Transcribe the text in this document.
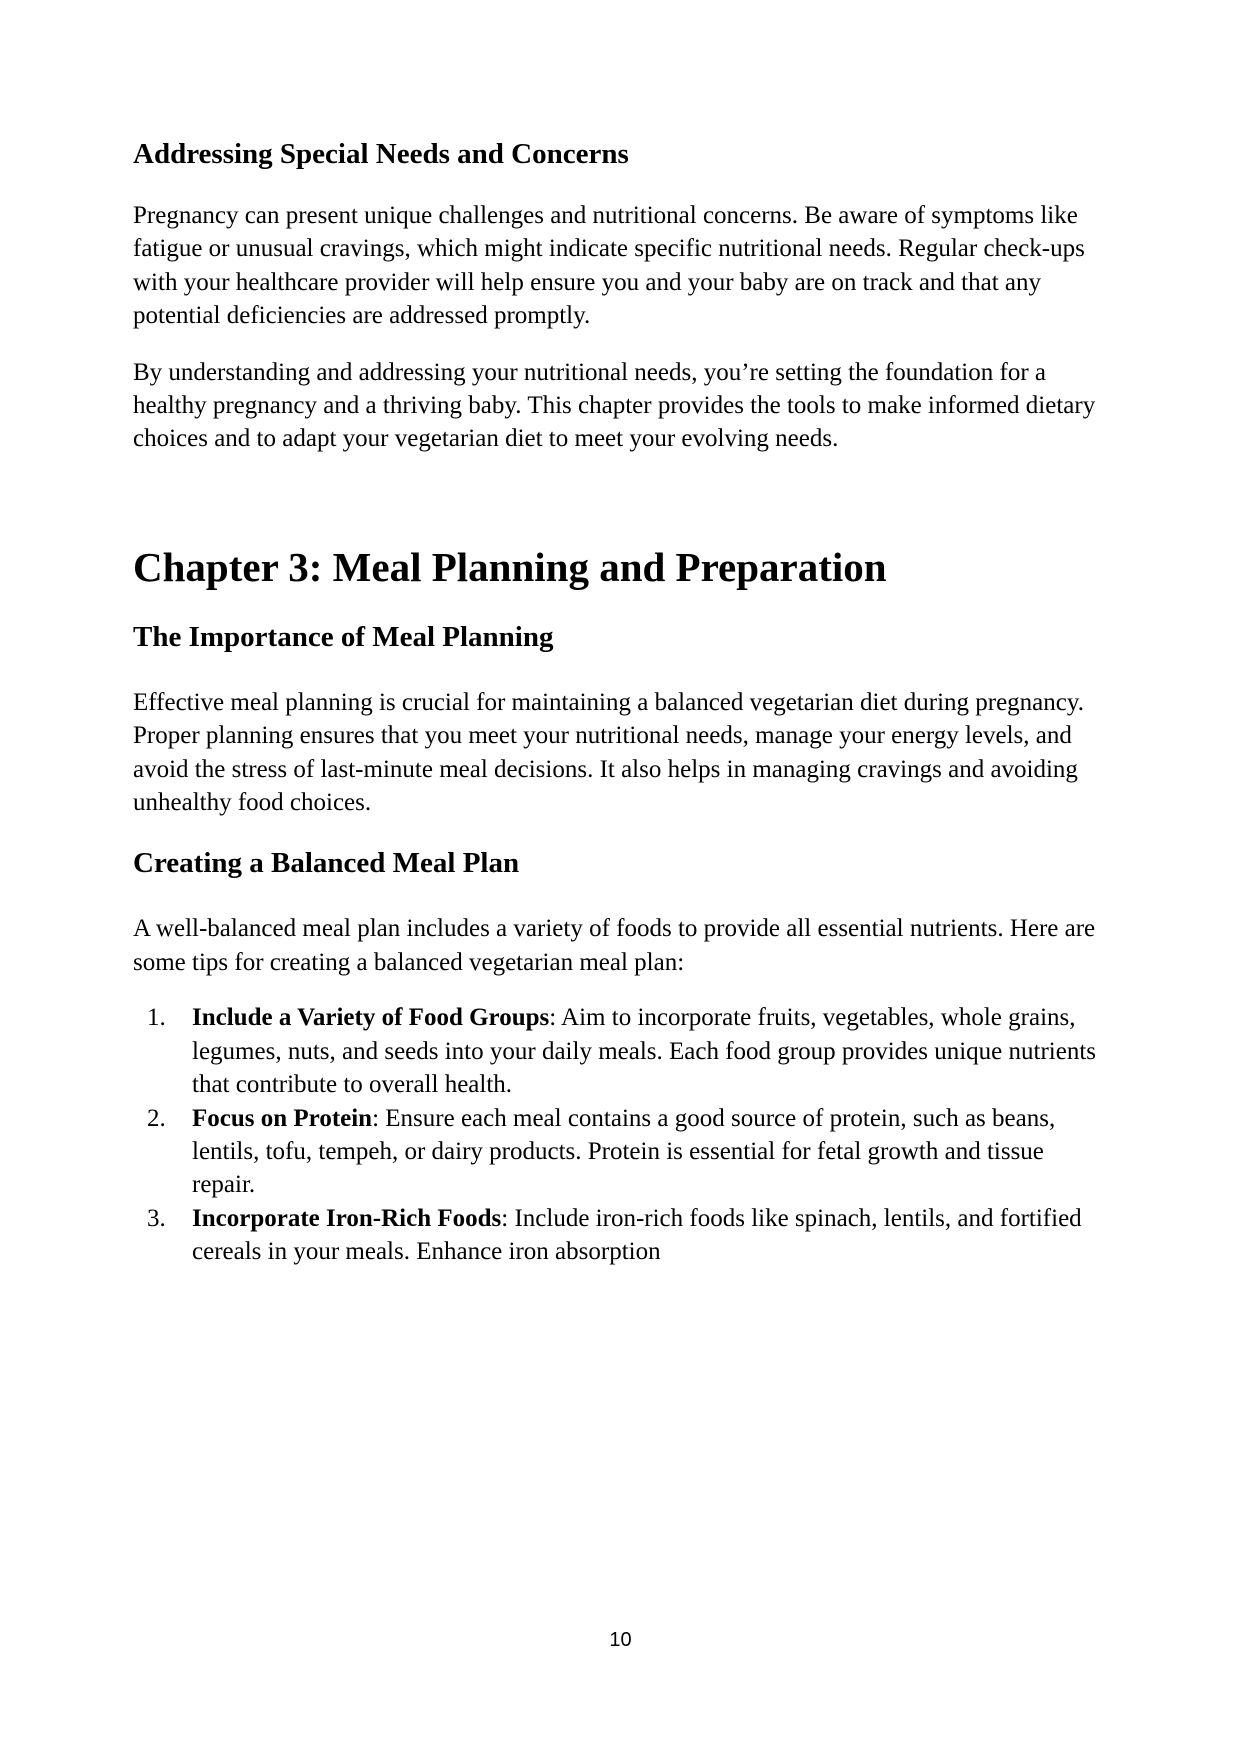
Addressing Special Needs and Concerns

Pregnancy can present unique challenges and nutritional concerns. Be aware of symptoms like fatigue or unusual cravings, which might indicate specific nutritional needs. Regular check-ups with your healthcare provider will help ensure you and your baby are on track and that any potential deficiencies are addressed promptly.

By understanding and addressing your nutritional needs, you’re setting the foundation for a healthy pregnancy and a thriving baby. This chapter provides the tools to make informed dietary choices and to adapt your vegetarian diet to meet your evolving needs.

Chapter 3: Meal Planning and Preparation
The Importance of Meal Planning

Effective meal planning is crucial for maintaining a balanced vegetarian diet during pregnancy. Proper planning ensures that you meet your nutritional needs, manage your energy levels, and avoid the stress of last-minute meal decisions. It also helps in managing cravings and avoiding unhealthy food choices.

Creating a Balanced Meal Plan

A well-balanced meal plan includes a variety of foods to provide all essential nutrients. Here are some tips for creating a balanced vegetarian meal plan:

1. Include a Variety of Food Groups: Aim to incorporate fruits, vegetables, whole grains, legumes, nuts, and seeds into your daily meals. Each food group provides unique nutrients that contribute to overall health.
2. Focus on Protein: Ensure each meal contains a good source of protein, such as beans, lentils, tofu, tempeh, or dairy products. Protein is essential for fetal growth and tissue repair.
3. Incorporate Iron-Rich Foods: Include iron-rich foods like spinach, lentils, and fortified cereals in your meals. Enhance iron absorption
10
